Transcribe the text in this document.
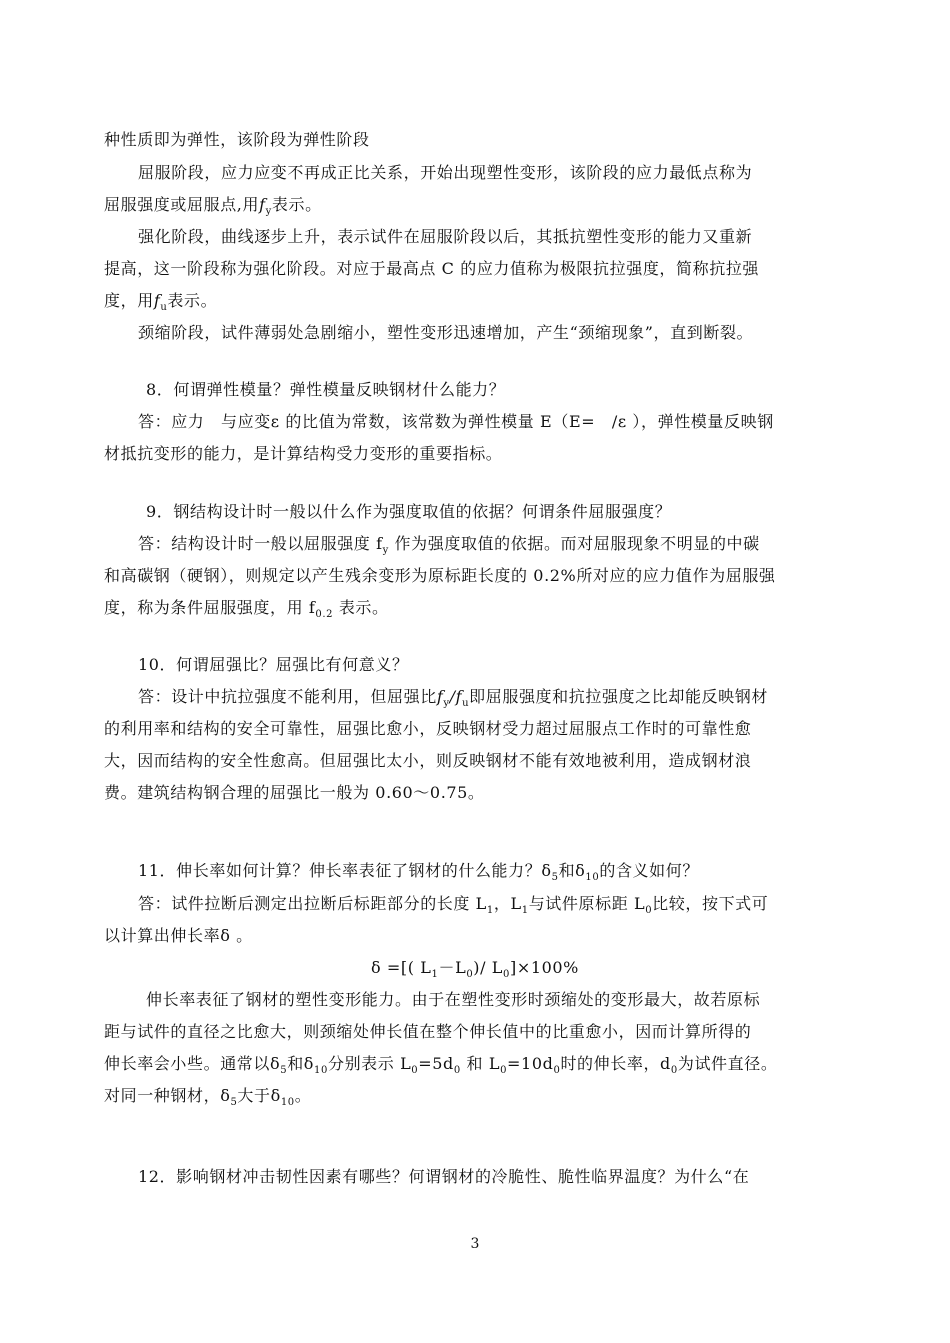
种性质即为弹性，该阶段为弹性阶段
屈服阶段，应力应变不再成正比关系，开始出现塑性变形，该阶段的应力最低点称为
屈服强度或屈服点,用$f_y$表示。
强化阶段，曲线逐步上升，表示试件在屈服阶段以后，其抵抗塑性变形的能力又重新
提高，这一阶段称为强化阶段。对应于最高点 C 的应力值称为极限抗拉强度，简称抗拉强
度，用$f_u$表示。
颈缩阶段，试件薄弱处急剧缩小，塑性变形迅速增加，产生“颈缩现象”，直到断裂。
8．何谓弹性模量？弹性模量反映钢材什么能力？
答：应力　与应变ε 的比值为常数，该常数为弹性模量 E（E=　/ε ），弹性模量反映钢
材抵抗变形的能力，是计算结构受力变形的重要指标。
9．钢结构设计时一般以什么作为强度取值的依据？何谓条件屈服强度？
答：结构设计时一般以屈服强度 $f_y$ 作为强度取值的依据。而对屈服现象不明显的中碳
和高碳钢（硬钢），则规定以产生残余变形为原标距长度的 0.2%所对应的应力值作为屈服强
度，称为条件屈服强度，用 $f_{0.2}$ 表示。
10．何谓屈强比？屈强比有何意义？
答：设计中抗拉强度不能利用，但屈强比$f_y/f_u$即屈服强度和抗拉强度之比却能反映钢材
的利用率和结构的安全可靠性，屈强比愈小，反映钢材受力超过屈服点工作时的可靠性愈
大，因而结构的安全性愈高。但屈强比太小，则反映钢材不能有效地被利用，造成钢材浪
费。建筑结构钢合理的屈强比一般为 0.60～0.75。
11．伸长率如何计算？伸长率表征了钢材的什么能力？$\delta_5$和$\delta_{10}$的含义如何？
答：试件拉断后测定出拉断后标距部分的长度 $L_1$，$L_1$与试件原标距 $L_0$比较，按下式可
以计算出伸长率δ 。
δ =[( $L_1-L_0)/$ $L_0]\times 100\%$
伸长率表征了钢材的塑性变形能力。由于在塑性变形时颈缩处的变形最大，故若原标
距与试件的直径之比愈大，则颈缩处伸长值在整个伸长值中的比重愈小，因而计算所得的
伸长率会小些。通常以$\delta_5$和$\delta_{10}$分别表示 $L_0=5d_0$ 和 $L_0=10d_0$时的伸长率，$d_0$为试件直径。
对同一种钢材，$\delta_5$大于$\delta_{10}$。
12．影响钢材冲击韧性因素有哪些？何谓钢材的冷脆性、脆性临界温度？为什么“在
3
